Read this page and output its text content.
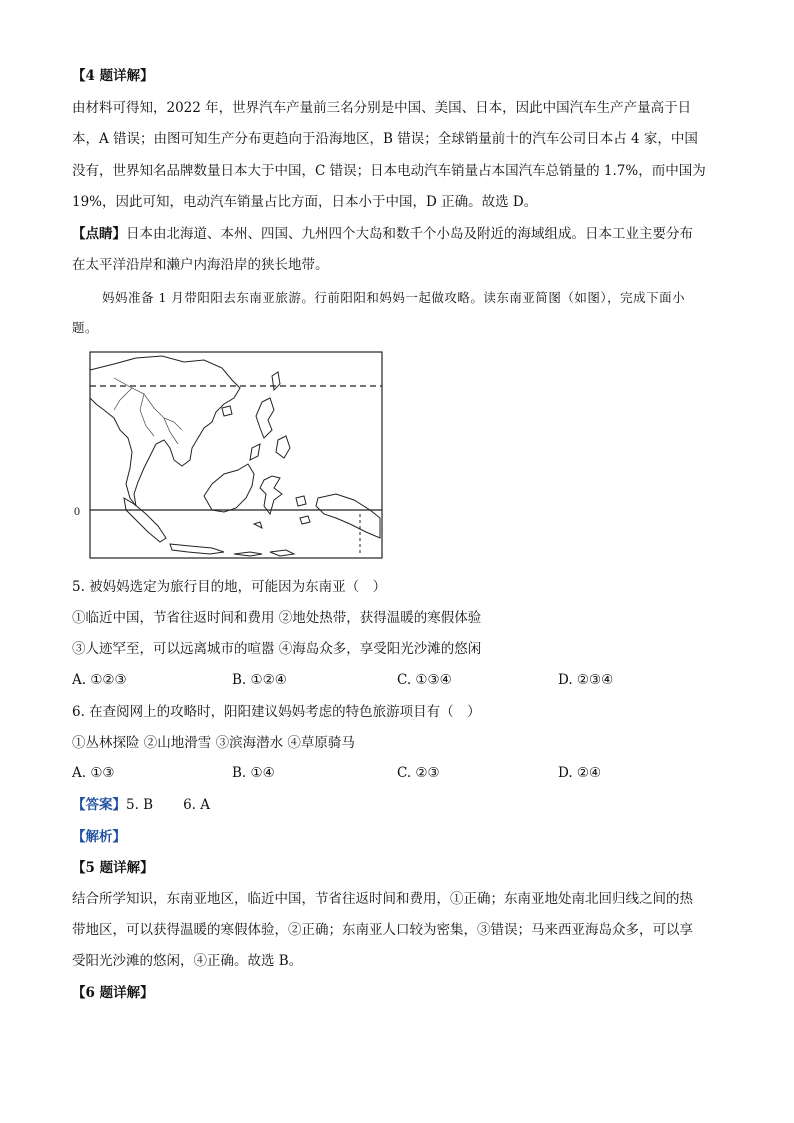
【4 题详解】
由材料可得知，2022 年，世界汽车产量前三名分别是中国、美国、日本，因此中国汽车生产产量高于日
本，A 错误；由图可知生产分布更趋向于沿海地区，B 错误；全球销量前十的汽车公司日本占 4 家，中国
没有，世界知名品牌数量日本大于中国，C 错误；日本电动汽车销量占本国汽车总销量的 1.7%，而中国为
19%，因此可知，电动汽车销量占比方面，日本小于中国，D 正确。故选 D。
【点睛】日本由北海道、本州、四国、九州四个大岛和数千个小岛及附近的海域组成。日本工业主要分布
在太平洋沿岸和濑户内海沿岸的狭长地带。
妈妈准备 1 月带阳阳去东南亚旅游。行前阳阳和妈妈一起做攻略。读东南亚简图（如图），完成下面小
题。
0
5. 被妈妈选定为旅行目的地，可能因为东南亚（　）
①临近中国，节省往返时间和费用 ②地处热带，获得温暖的寒假体验
③人迹罕至，可以远离城市的喧嚣 ④海岛众多，享受阳光沙滩的悠闲
A. ①②③	B. ①②④	C. ①③④	D. ②③④
6. 在查阅网上的攻略时，阳阳建议妈妈考虑的特色旅游项目有（　）
①丛林探险 ②山地滑雪 ③滨海潜水 ④草原骑马
A. ①③	B. ①④	C. ②③	D. ②④
【答案】5. B 6. A
【解析】
【5 题详解】
结合所学知识，东南亚地区，临近中国，节省往返时间和费用，①正确；东南亚地处南北回归线之间的热
带地区，可以获得温暖的寒假体验，②正确；东南亚人口较为密集，③错误；马来西亚海岛众多，可以享
受阳光沙滩的悠闲，④正确。故选 B。
【6 题详解】
